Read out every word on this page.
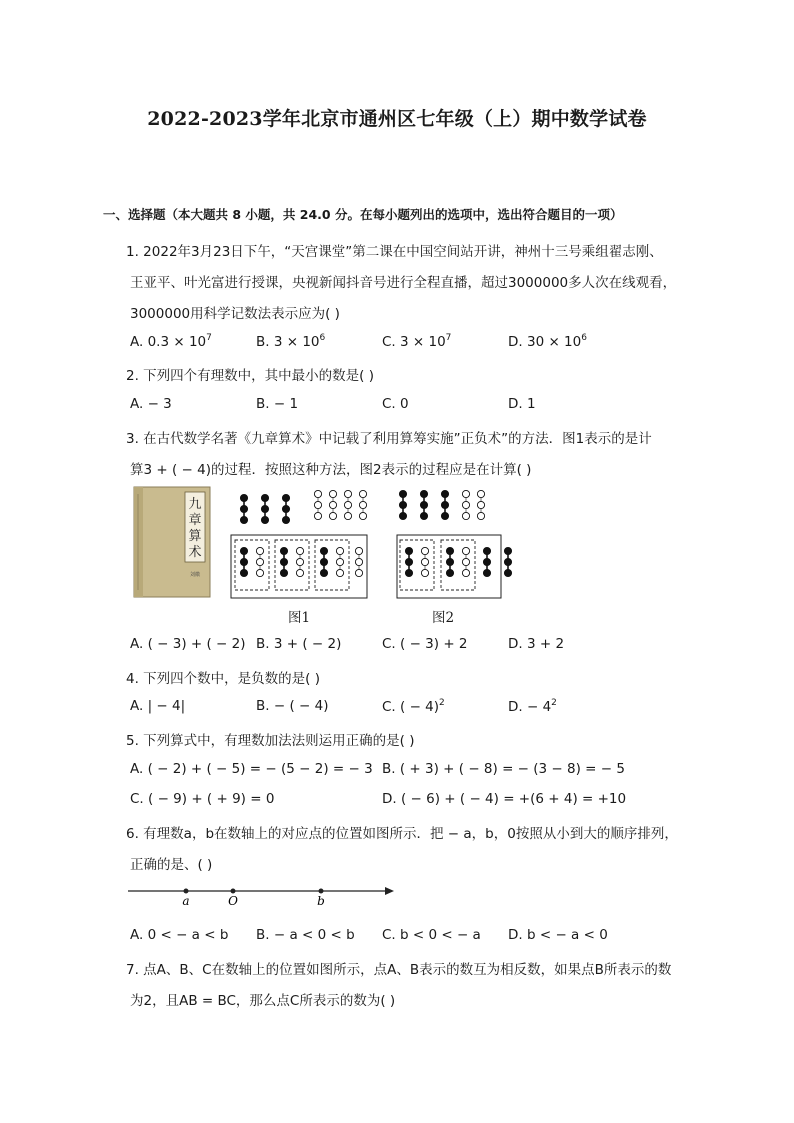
2022-2023学年北京市通州区七年级（上）期中数学试卷
一、选择题（本大题共 8 小题，共 24.0 分。在每小题列出的选项中，选出符合题目的一项）
1. 2022年3月23日下午，“天宫课堂”第二课在中国空间站开讲，神州十三号乘组翟志刚、
王亚平、叶光富进行授课，央视新闻抖音号进行全程直播，超过3000000多人次在线观看，
3000000用科学记数法表示应为( )
A. $0.3 \times 10^7$	B. $3 \times 10^6$	C. $3 \times 10^7$	D. $30 \times 10^6$
2. 下列四个有理数中，其中最小的数是( )
A. − 3	B. − 1	C. 0	D. 1
3. 在古代数学名著《九章算术》中记载了利用算筹实施”正负术”的方法．图1表示的是计
算3 + ( − 4)的过程．按照这种方法，图2表示的过程应是在计算( )
九
章
算
术
刘徽
图1	图2
A. ( − 3) + ( − 2) B. 3 + ( − 2)	C. ( − 3) + 2	D. 3 + 2
4. 下列四个数中，是负数的是( )
A. | − 4|	B. − ( − 4)	C. ( − 4)$^2$	D. − $4^2$
5. 下列算式中，有理数加法法则运用正确的是( )
A. ( − 2) + ( − 5) = − (5 − 2) = − 3 B. ( + 3) + ( − 8) = − (3 − 8) = − 5
C. ( − 9) + ( + 9) = 0	D. ( − 6) + ( − 4) = +(6 + 4) = +10
6. 有理数a，b在数轴上的对应点的位置如图所示．把 − a，b，0按照从小到大的顺序排列，
正确的是、( )
a	O	b
A. 0 < − a < b B. − a < 0 < b C. b < 0 < − a D. b < − a < 0
7. 点A、B、C在数轴上的位置如图所示，点A、B表示的数互为相反数，如果点B所表示的数
为2，且AB = BC，那么点C所表示的数为( )
